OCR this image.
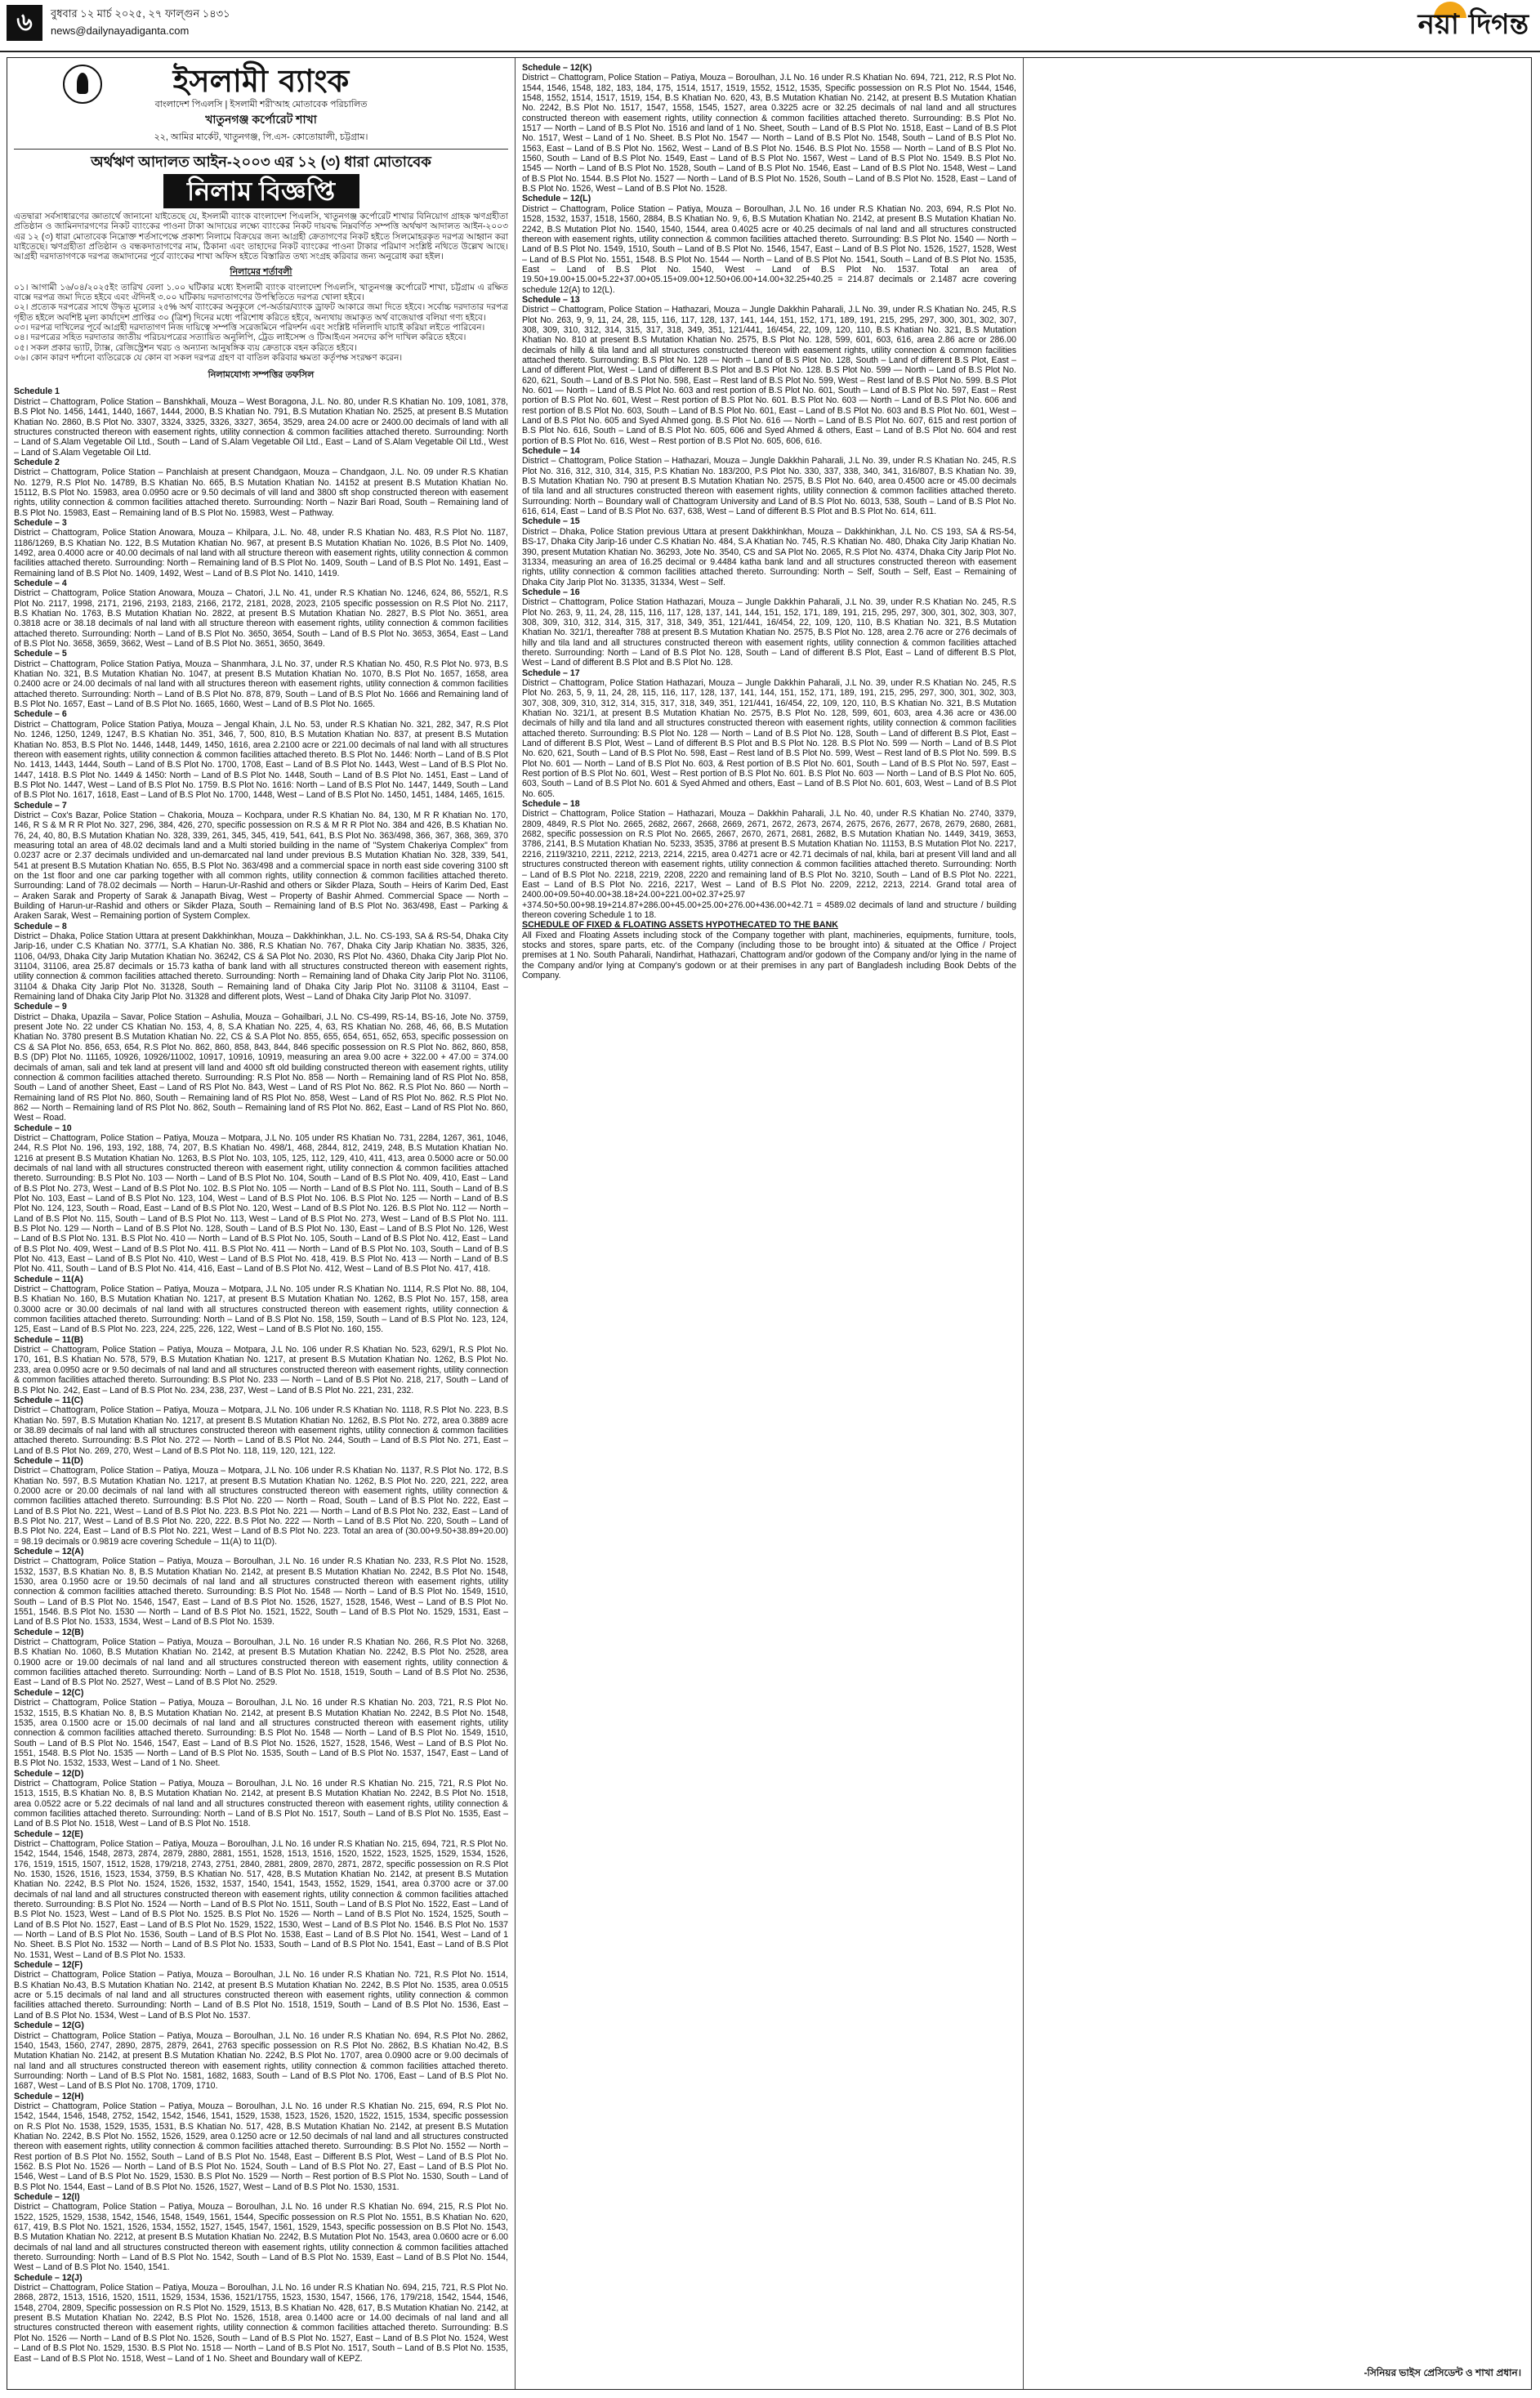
৬	বুধবার ১২ মার্চ ২০২৫, ২৭ ফাল্গুন ১৪৩১
news@dailynayadiganta.com	নয়া দিগন্ত
ইসলামী ব্যাংক
বাংলাদেশ পিএলসি | ইসলামী শরী'আহ মোতাবেক পরিচালিত
খাতুনগঞ্জ কর্পোরেট শাখা
২২, আমির মার্কেট, খাতুনগঞ্জ, পি.এস- কোতোয়ালী, চট্টগ্রাম।
অর্থঋণ আদালত আইন-২০০৩ এর ১২ (৩) ধারা মোতাবেক
নিলাম বিজ্ঞপ্তি

এতদ্বারা সর্বসাধারণের জ্ঞাতার্থে জানানো যাইতেছে যে, ইসলামী ব্যাংক বাংলাদেশ পিএলসি, খাতুনগঞ্জ কর্পোরেট শাখার বিনিয়োগ গ্রাহক ঋণগ্রহীতা প্রতিষ্ঠান ও জামিনদারগণের নিকট ব্যাংকের পাওনা টাকা আদায়ের লক্ষ্যে ব্যাংকের নিকট দায়বদ্ধ নিম্নবর্ণিত সম্পত্তি অর্থঋণ আদালত আইন-২০০৩ এর ১২ (৩) ধারা মোতাবেক নিম্নোক্ত শর্তসাপেক্ষে প্রকাশ্য নিলামে বিক্রয়ের জন্য আগ্রহী ক্রেতাগণের নিকট হইতে সিলমোহরকৃত দরপত্র আহ্বান করা যাইতেছে। ঋণগ্রহীতা প্রতিষ্ঠান ও বন্ধকদাতাগণের নাম, ঠিকানা এবং তাহাদের নিকট ব্যাংকের পাওনা টাকার পরিমাণ সংশ্লিষ্ট নথিতে উল্লেখ আছে। আগ্রহী দরদাতাগণকে দরপত্র জমাদানের পূর্বে ব্যাংকের শাখা অফিস হইতে বিস্তারিত তথ্য সংগ্রহ করিবার জন্য অনুরোধ করা হইল।

নিলামের শর্তাবলী

০১। আগামী ১৬/০৪/২০২৫ইং তারিখ বেলা ১.০০ ঘটিকার মধ্যে ইসলামী ব্যাংক বাংলাদেশ পিএলসি, খাতুনগঞ্জ কর্পোরেট শাখা, চট্টগ্রাম এ রক্ষিত বাক্সে দরপত্র জমা দিতে হইবে এবং ঐদিনই ৩.০০ ঘটিকায় দরদাতাগণের উপস্থিতিতে দরপত্র খোলা হইবে।

০২। প্রত্যেক দরপত্রের সাথে উদ্ধৃত মূল্যের ২৫% অর্থ ব্যাংকের অনুকূলে পে-অর্ডার/ব্যাংক ড্রাফট আকারে জমা দিতে হইবে। সর্বোচ্চ দরদাতার দরপত্র গৃহীত হইলে অবশিষ্ট মূল্য কার্যাদেশ প্রাপ্তির ৩০ (ত্রিশ) দিনের মধ্যে পরিশোধ করিতে হইবে, অন্যথায় জমাকৃত অর্থ বাজেয়াপ্ত বলিয়া গণ্য হইবে।

০৩। দরপত্র দাখিলের পূর্বে আগ্রহী দরদাতাগণ নিজ দায়িত্বে সম্পত্তি সরেজমিনে পরিদর্শন এবং সংশ্লিষ্ট দলিলাদি যাচাই করিয়া লইতে পারিবেন।

০৪। দরপত্রের সহিত দরদাতার জাতীয় পরিচয়পত্রের সত্যায়িত অনুলিপি, ট্রেড লাইসেন্স ও টিআইএন সনদের কপি দাখিল করিতে হইবে।

০৫। সকল প্রকার ভ্যাট, ট্যাক্স, রেজিস্ট্রেশন খরচ ও অন্যান্য আনুষঙ্গিক ব্যয় ক্রেতাকে বহন করিতে হইবে।

০৬। কোন কারণ দর্শানো ব্যতিরেকে যে কোন বা সকল দরপত্র গ্রহণ বা বাতিল করিবার ক্ষমতা কর্তৃপক্ষ সংরক্ষণ করেন।

নিলামযোগ্য সম্পত্তির তফসিল

Schedule 1

District – Chattogram, Police Station – Banshkhali, Mouza – West Boragona, J.L. No. 80, under R.S Khatian No. 109, 1081, 378, B.S Plot No. 1456, 1441, 1440, 1667, 1444, 2000, B.S Khatian No. 791, B.S Mutation Khatian No. 2525, at present B.S Mutation Khatian No. 2860, B.S Plot No. 3307, 3324, 3325, 3326, 3327, 3654, 3529, area 24.00 acre or 2400.00 decimals of land with all structures constructed thereon with easement rights, utility connection & common facilities attached thereto. Surrounding: North – Land of S.Alam Vegetable Oil Ltd., South – Land of S.Alam Vegetable Oil Ltd., East – Land of S.Alam Vegetable Oil Ltd., West – Land of S.Alam Vegetable Oil Ltd.

Schedule 2

District – Chattogram, Police Station – Panchlaish at present Chandgaon, Mouza – Chandgaon, J.L. No. 09 under R.S Khatian No. 1279, R.S Plot No. 14789, B.S Khatian No. 665, B.S Mutation Khatian No. 14152 at present B.S Mutation Khatian No. 15112, B.S Plot No. 15983, area 0.0950 acre or 9.50 decimals of vill land and 3800 sft shop constructed thereon with easement rights, utility connection & common facilities attached thereto. Surrounding: North – Nazir Bari Road, South – Remaining land of B.S Plot No. 15983, East – Remaining land of B.S Plot No. 15983, West – Pathway.

Schedule – 3

District – Chattogram, Police Station Anowara, Mouza – Khilpara, J.L. No. 48, under R.S Khatian No. 483, R.S Plot No. 1187, 1186/1269, B.S Khatian No. 122, B.S Mutation Khatian No. 967, at present B.S Mutation Khatian No. 1026, B.S Plot No. 1409, 1492, area 0.4000 acre or 40.00 decimals of nal land with all structure thereon with easement rights, utility connection & common facilities attached thereto. Surrounding: North – Remaining land of B.S Plot No. 1409, South – Land of B.S Plot No. 1491, East – Remaining land of B.S Plot No. 1409, 1492, West – Land of B.S Plot No. 1410, 1419.

Schedule – 4

District – Chattogram, Police Station Anowara, Mouza – Chatori, J.L No. 41, under R.S Khatian No. 1246, 624, 86, 552/1, R.S Plot No. 2117, 1998, 2171, 2196, 2193, 2183, 2166, 2172, 2181, 2028, 2023, 2105 specific possession on R.S Plot No. 2117, B.S Khatian No. 1763, B.S Mutation Khatian No. 2822, at present B.S Mutation Khatian No. 2827, B.S Plot No. 3651, area 0.3818 acre or 38.18 decimals of nal land with all structure thereon with easement rights, utility connection & common facilities attached thereto. Surrounding: North – Land of B.S Plot No. 3650, 3654, South – Land of B.S Plot No. 3653, 3654, East – Land of B.S Plot No. 3658, 3659, 3662, West – Land of B.S Plot No. 3651, 3650, 3649.

Schedule – 5

District – Chattogram, Police Station Patiya, Mouza – Shanmhara, J.L No. 37, under R.S Khatian No. 450, R.S Plot No. 973, B.S Khatian No. 321, B.S Mutation Khatian No. 1047, at present B.S Mutation Khatian No. 1070, B.S Plot No. 1657, 1658, area 0.2400 acre or 24.00 decimals of nal land with all structures thereon with easement rights, utility connection & common facilities attached thereto. Surrounding: North – Land of B.S Plot No. 878, 879, South – Land of B.S Plot No. 1666 and Remaining land of B.S Plot No. 1657, East – Land of B.S Plot No. 1665, 1660, West – Land of B.S Plot No. 1665.

Schedule – 6

District – Chattogram, Police Station Patiya, Mouza – Jengal Khain, J.L No. 53, under R.S Khatian No. 321, 282, 347, R.S Plot No. 1246, 1250, 1249, 1247, B.S Khatian No. 351, 346, 7, 500, 810, B.S Mutation Khatian No. 837, at present B.S Mutation Khatian No. 853, B.S Plot No. 1446, 1448, 1449, 1450, 1616, area 2.2100 acre or 221.00 decimals of nal land with all structures thereon with easement rights, utility connection & common facilities attached thereto. B.S Plot No. 1446: North – Land of B.S Plot No. 1413, 1443, 1444, South – Land of B.S Plot No. 1700, 1708, East – Land of B.S Plot No. 1443, West – Land of B.S Plot No. 1447, 1418. B.S Plot No. 1449 & 1450: North – Land of B.S Plot No. 1448, South – Land of B.S Plot No. 1451, East – Land of B.S Plot No. 1447, West – Land of B.S Plot No. 1759. B.S Plot No. 1616: North – Land of B.S Plot No. 1447, 1449, South – Land of B.S Plot No. 1617, 1618, East – Land of B.S Plot No. 1700, 1448, West – Land of B.S Plot No. 1450, 1451, 1484, 1465, 1615.

Schedule – 7

District – Cox's Bazar, Police Station – Chakoria, Mouza – Kochpara, under R.S Khatian No. 84, 130, M R R Khatian No. 170, 146, R S & M R R Plot No. 327, 296, 384, 426, 270, specific possession on R.S & M R R Plot No. 384 and 426, B.S Khatian No. 76, 24, 40, 80, B.S Mutation Khatian No. 328, 339, 261, 345, 345, 419, 541, 641, B.S Plot No. 363/498, 366, 367, 368, 369, 370 measuring total an area of 48.02 decimals land and a Multi storied building in the name of "System Chakeriya Complex" from 0.0237 acre or 2.37 decimals undivided and un-demarcated nal land under previous B.S Mutation Khatian No. 328, 339, 541, 541 at present B.S Mutation Khatian No. 655, B.S Plot No. 363/498 and a commercial space in north east side covering 3100 sft on the 1st floor and one car parking together with all common rights, utility connection & common facilities attached thereto. Surrounding: Land of 78.02 decimals — North – Harun-Ur-Rashid and others or Sikder Plaza, South – Heirs of Karim Ded, East – Araken Sarak and Property of Sarak & Janapath Bivag, West – Property of Bashir Ahmed. Commercial Space — North – Building of Harun-ur-Rashid and others or Sikder Plaza, South – Remaining land of B.S Plot No. 363/498, East – Parking & Araken Sarak, West – Remaining portion of System Complex.

Schedule – 8

District – Dhaka, Police Station Uttara at present Dakkhinkhan, Mouza – Dakkhinkhan, J.L. No. CS-193, SA & RS-54, Dhaka City Jarip-16, under C.S Khatian No. 377/1, S.A Khatian No. 386, R.S Khatian No. 767, Dhaka City Jarip Khatian No. 3835, 326, 1106, 04/93, Dhaka City Jarip Mutation Khatian No. 36242, CS & SA Plot No. 2030, RS Plot No. 4360, Dhaka City Jarip Plot No. 31104, 31106, area 25.87 decimals or 15.73 katha of bank land with all structures constructed thereon with easement rights, utility connection & common facilities attached thereto. Surrounding: North – Remaining land of Dhaka City Jarip Plot No. 31106, 31104 & Dhaka City Jarip Plot No. 31328, South – Remaining land of Dhaka City Jarip Plot No. 31108 & 31104, East – Remaining land of Dhaka City Jarip Plot No. 31328 and different plots, West – Land of Dhaka City Jarip Plot No. 31097.

Schedule – 9

District – Dhaka, Upazila – Savar, Police Station – Ashulia, Mouza – Gohailbari, J.L No. CS-499, RS-14, BS-16, Jote No. 3759, present Jote No. 22 under CS Khatian No. 153, 4, 8, S.A Khatian No. 225, 4, 63, RS Khatian No. 268, 46, 66, B.S Mutation Khatian No. 3780 present B.S Mutation Khatian No. 22, CS & S.A Plot No. 855, 655, 654, 651, 652, 653, specific possession on CS & SA Plot No. 856, 653, 654, R.S Plot No. 862, 860, 858, 843, 844, 846 specific possession on R.S Plot No. 862, 860, 858, B.S (DP) Plot No. 11165, 10926, 10926/11002, 10917, 10916, 10919, measuring an area 9.00 acre + 322.00 + 47.00 = 374.00 decimals of aman, sali and tek land at present vill land and 4000 sft old building constructed thereon with easement rights, utility connection & common facilities attached thereto. Surrounding: R.S Plot No. 858 — North – Remaining land of RS Plot No. 858, South – Land of another Sheet, East – Land of RS Plot No. 843, West – Land of RS Plot No. 862. R.S Plot No. 860 — North – Remaining land of RS Plot No. 860, South – Remaining land of RS Plot No. 858, West – Land of RS Plot No. 862. R.S Plot No. 862 — North – Remaining land of RS Plot No. 862, South – Remaining land of RS Plot No. 862, East – Land of RS Plot No. 860, West – Road.

Schedule – 10

District – Chattogram, Police Station – Patiya, Mouza – Motpara, J.L No. 105 under RS Khatian No. 731, 2284, 1267, 361, 1046, 244, R.S Plot No. 196, 193, 192, 188, 74, 207, B.S Khatian No. 498/1, 468, 2844, 812, 2419, 248, B.S Mutation Khatian No. 1216 at present B.S Mutation Khatian No. 1263, B.S Plot No. 103, 105, 125, 112, 129, 410, 411, 413, area 0.5000 acre or 50.00 decimals of nal land with all structures constructed thereon with easement right, utility connection & common facilities attached thereto. Surrounding: B.S Plot No. 103 — North – Land of B.S Plot No. 104, South – Land of B.S Plot No. 409, 410, East – Land of B.S Plot No. 273, West – Land of B.S Plot No. 102. B.S Plot No. 105 — North – Land of B.S Plot No. 111, South – Land of B.S Plot No. 103, East – Land of B.S Plot No. 123, 104, West – Land of B.S Plot No. 106. B.S Plot No. 125 — North – Land of B.S Plot No. 124, 123, South – Road, East – Land of B.S Plot No. 120, West – Land of B.S Plot No. 126. B.S Plot No. 112 — North – Land of B.S Plot No. 115, South – Land of B.S Plot No. 113, West – Land of B.S Plot No. 273, West – Land of B.S Plot No. 111. B.S Plot No. 129 — North – Land of B.S Plot No. 128, South – Land of B.S Plot No. 130, East – Land of B.S Plot No. 126, West – Land of B.S Plot No. 131. B.S Plot No. 410 — North – Land of B.S Plot No. 105, South – Land of B.S Plot No. 412, East – Land of B.S Plot No. 409, West – Land of B.S Plot No. 411. B.S Plot No. 411 — North – Land of B.S Plot No. 103, South – Land of B.S Plot No. 413, East – Land of B.S Plot No. 410, West – Land of B.S Plot No. 418, 419. B.S Plot No. 413 — North – Land of B.S Plot No. 411, South – Land of B.S Plot No. 414, 416, East – Land of B.S Plot No. 412, West – Land of B.S Plot No. 417, 418.

Schedule – 11(A)

District – Chattogram, Police Station – Patiya, Mouza – Motpara, J.L No. 105 under R.S Khatian No. 1114, R.S Plot No. 88, 104, B.S Khatian No. 160, B.S Mutation Khatian No. 1217, at present B.S Mutation Khatian No. 1262, B.S Plot No. 157, 158, area 0.3000 acre or 30.00 decimals of nal land with all structures constructed thereon with easement rights, utility connection & common facilities attached thereto. Surrounding: North – Land of B.S Plot No. 158, 159, South – Land of B.S Plot No. 123, 124, 125, East – Land of B.S Plot No. 223, 224, 225, 226, 122, West – Land of B.S Plot No. 160, 155.

Schedule – 11(B)

District – Chattogram, Police Station – Patiya, Mouza – Motpara, J.L No. 106 under R.S Khatian No. 523, 629/1, R.S Plot No. 170, 161, B.S Khatian No. 578, 579, B.S Mutation Khatian No. 1217, at present B.S Mutation Khatian No. 1262, B.S Plot No. 233, area 0.0950 acre or 9.50 decimals of nal land and all structures constructed thereon with easement rights, utility connection & common facilities attached thereto. Surrounding: B.S Plot No. 233 — North – Land of B.S Plot No. 218, 217, South – Land of B.S Plot No. 242, East – Land of B.S Plot No. 234, 238, 237, West – Land of B.S Plot No. 221, 231, 232.

Schedule – 11(C)

District – Chattogram, Police Station – Patiya, Mouza – Motpara, J.L No. 106 under R.S Khatian No. 1118, R.S Plot No. 223, B.S Khatian No. 597, B.S Mutation Khatian No. 1217, at present B.S Mutation Khatian No. 1262, B.S Plot No. 272, area 0.3889 acre or 38.89 decimals of nal land with all structures constructed thereon with easement rights, utility connection & common facilities attached thereto. Surrounding: B.S Plot No. 272 — North – Land of B.S Plot No. 244, South – Land of B.S Plot No. 271, East – Land of B.S Plot No. 269, 270, West – Land of B.S Plot No. 118, 119, 120, 121, 122.

Schedule – 11(D)

District – Chattogram, Police Station – Patiya, Mouza – Motpara, J.L No. 106 under R.S Khatian No. 1137, R.S Plot No. 172, B.S Khatian No. 597, B.S Mutation Khatian No. 1217, at present B.S Mutation Khatian No. 1262, B.S Plot No. 220, 221, 222, area 0.2000 acre or 20.00 decimals of nal land with all structures constructed thereon with easement rights, utility connection & common facilities attached thereto. Surrounding: B.S Plot No. 220 — North – Road, South – Land of B.S Plot No. 222, East – Land of B.S Plot No. 221, West – Land of B.S Plot No. 223. B.S Plot No. 221 — North – Land of B.S Plot No. 232, East – Land of B.S Plot No. 217, West – Land of B.S Plot No. 220, 222. B.S Plot No. 222 — North – Land of B.S Plot No. 220, South – Land of B.S Plot No. 224, East – Land of B.S Plot No. 221, West – Land of B.S Plot No. 223. Total an area of (30.00+9.50+38.89+20.00) = 98.19 decimals or 0.9819 acre covering Schedule – 11(A) to 11(D).

Schedule – 12(A)

District – Chattogram, Police Station – Patiya, Mouza – Boroulhan, J.L No. 16 under R.S Khatian No. 233, R.S Plot No. 1528, 1532, 1537, B.S Khatian No. 8, B.S Mutation Khatian No. 2142, at present B.S Mutation Khatian No. 2242, B.S Plot No. 1548, 1530, area 0.1950 acre or 19.50 decimals of nal land and all structures constructed thereon with easement rights, utility connection & common facilities attached thereto. Surrounding: B.S Plot No. 1548 — North – Land of B.S Plot No. 1549, 1510, South – Land of B.S Plot No. 1546, 1547, East – Land of B.S Plot No. 1526, 1527, 1528, 1546, West – Land of B.S Plot No. 1551, 1546. B.S Plot No. 1530 — North – Land of B.S Plot No. 1521, 1522, South – Land of B.S Plot No. 1529, 1531, East – Land of B.S Plot No. 1533, 1534, West – Land of B.S Plot No. 1539.

Schedule – 12(B)

District – Chattogram, Police Station – Patiya, Mouza – Boroulhan, J.L No. 16 under R.S Khatian No. 266, R.S Plot No. 3268, B.S Khatian No. 1060, B.S Mutation Khatian No. 2142, at present B.S Mutation Khatian No. 2242, B.S Plot No. 2528, area 0.1900 acre or 19.00 decimals of nal land and all structures constructed thereon with easement rights, utility connection & common facilities attached thereto. Surrounding: North – Land of B.S Plot No. 1518, 1519, South – Land of B.S Plot No. 2536, East – Land of B.S Plot No. 2527, West – Land of B.S Plot No. 2529.

Schedule – 12(C)

District – Chattogram, Police Station – Patiya, Mouza – Boroulhan, J.L No. 16 under R.S Khatian No. 203, 721, R.S Plot No. 1532, 1515, B.S Khatian No. 8, B.S Mutation Khatian No. 2142, at present B.S Mutation Khatian No. 2242, B.S Plot No. 1548, 1535, area 0.1500 acre or 15.00 decimals of nal land and all structures constructed thereon with easement rights, utility connection & common facilities attached thereto. Surrounding: B.S Plot No. 1548 — North – Land of B.S Plot No. 1549, 1510, South – Land of B.S Plot No. 1546, 1547, East – Land of B.S Plot No. 1526, 1527, 1528, 1546, West – Land of B.S Plot No. 1551, 1548. B.S Plot No. 1535 — North – Land of B.S Plot No. 1535, South – Land of B.S Plot No. 1537, 1547, East – Land of B.S Plot No. 1532, 1533, West – Land of 1 No. Sheet.

Schedule – 12(D)

District – Chattogram, Police Station – Patiya, Mouza – Boroulhan, J.L No. 16 under R.S Khatian No. 215, 721, R.S Plot No. 1513, 1515, B.S Khatian No. 8, B.S Mutation Khatian No. 2142, at present B.S Mutation Khatian No. 2242, B.S Plot No. 1518, area 0.0522 acre or 5.22 decimals of nal land and all structures constructed thereon with easement rights, utility connection & common facilities attached thereto. Surrounding: North – Land of B.S Plot No. 1517, South – Land of B.S Plot No. 1535, East – Land of B.S Plot No. 1518, West – Land of B.S Plot No. 1518.

Schedule – 12(E)

District – Chattogram, Police Station – Patiya, Mouza – Boroulhan, J.L No. 16 under R.S Khatian No. 215, 694, 721, R.S Plot No. 1542, 1544, 1546, 1548, 2873, 2874, 2879, 2880, 2881, 1551, 1528, 1513, 1516, 1520, 1522, 1523, 1525, 1529, 1534, 1526, 176, 1519, 1515, 1507, 1512, 1528, 179/218, 2743, 2751, 2840, 2881, 2809, 2870, 2871, 2872, specific possession on R.S Plot No. 1530, 1526, 1516, 1523, 1534, 3759, B.S Khatian No. 517, 428, B.S Mutation Khatian No. 2142, at present B.S Mutation Khatian No. 2242, B.S Plot No. 1524, 1526, 1532, 1537, 1540, 1541, 1543, 1552, 1529, 1541, area 0.3700 acre or 37.00 decimals of nal land and all structures constructed thereon with easement rights, utility connection & common facilities attached thereto. Surrounding: B.S Plot No. 1524 — North – Land of B.S Plot No. 1511, South – Land of B.S Plot No. 1522, East – Land of B.S Plot No. 1523, West – Land of B.S Plot No. 1525. B.S Plot No. 1526 — North – Land of B.S Plot No. 1524, 1525, South – Land of B.S Plot No. 1527, East – Land of B.S Plot No. 1529, 1522, 1530, West – Land of B.S Plot No. 1546. B.S Plot No. 1537 — North – Land of B.S Plot No. 1536, South – Land of B.S Plot No. 1538, East – Land of B.S Plot No. 1541, West – Land of 1 No. Sheet. B.S Plot No. 1532 — North – Land of B.S Plot No. 1533, South – Land of B.S Plot No. 1541, East – Land of B.S Plot No. 1531, West – Land of B.S Plot No. 1533.

Schedule – 12(F)

District – Chattogram, Police Station – Patiya, Mouza – Boroulhan, J.L No. 16 under R.S Khatian No. 721, R.S Plot No. 1514, B.S Khatian No.43, B.S Mutation Khatian No. 2142, at present B.S Mutation Khatian No. 2242, B.S Plot No. 1535, area 0.0515 acre or 5.15 decimals of nal land and all structures constructed thereon with easement rights, utility connection & common facilities attached thereto. Surrounding: North – Land of B.S Plot No. 1518, 1519, South – Land of B.S Plot No. 1536, East – Land of B.S Plot No. 1534, West – Land of B.S Plot No. 1537.

Schedule – 12(G)

District – Chattogram, Police Station – Patiya, Mouza – Boroulhan, J.L No. 16 under R.S Khatian No. 694, R.S Plot No. 2862, 1540, 1543, 1560, 2747, 2890, 2875, 2879, 2641, 2763 specific possession on R.S Plot No. 2862, B.S Khatian No.42, B.S Mutation Khatian No. 2142, at present B.S Mutation Khatian No. 2242, B.S Plot No. 1707, area 0.0900 acre or 9.00 decimals of nal land and all structures constructed thereon with easement rights, utility connection & common facilities attached thereto. Surrounding: North – Land of B.S Plot No. 1581, 1682, 1683, South – Land of B.S Plot No. 1706, East – Land of B.S Plot No. 1687, West – Land of B.S Plot No. 1708, 1709, 1710.

Schedule – 12(H)

District – Chattogram, Police Station – Patiya, Mouza – Boroulhan, J.L No. 16 under R.S Khatian No. 215, 694, R.S Plot No. 1542, 1544, 1546, 1548, 2752, 1542, 1542, 1546, 1541, 1529, 1538, 1523, 1526, 1520, 1522, 1515, 1534, specific possession on R.S Plot No. 1538, 1529, 1535, 1531, B.S Khatian No. 517, 428, B.S Mutation Khatian No. 2142, at present B.S Mutation Khatian No. 2242, B.S Plot No. 1552, 1526, 1529, area 0.1250 acre or 12.50 decimals of nal land and all structures constructed thereon with easement rights, utility connection & common facilities attached thereto. Surrounding: B.S Plot No. 1552 — North – Rest portion of B.S Plot No. 1552, South – Land of B.S Plot No. 1548, East – Different B.S Plot, West – Land of B.S Plot No. 1562. B.S Plot No. 1526 — North – Land of B.S Plot No. 1524, South – Land of B.S Plot No. 27, East – Land of B.S Plot No. 1546, West – Land of B.S Plot No. 1529, 1530. B.S Plot No. 1529 — North – Rest portion of B.S Plot No. 1530, South – Land of B.S Plot No. 1544, East – Land of B.S Plot No. 1526, 1527, West – Land of B.S Plot No. 1530, 1531.

Schedule – 12(I)

District – Chattogram, Police Station – Patiya, Mouza – Boroulhan, J.L No. 16 under R.S Khatian No. 694, 215, R.S Plot No. 1522, 1525, 1529, 1538, 1542, 1546, 1548, 1549, 1561, 1544, Specific possession on R.S Plot No. 1551, B.S Khatian No. 620, 617, 419, B.S Plot No. 1521, 1526, 1534, 1552, 1527, 1545, 1547, 1561, 1529, 1543, specific possession on B.S Plot No. 1543, B.S Mutation Khatian No. 2212, at present B.S Mutation Khatian No. 2242, B.S Mutation Plot No. 1543, area 0.0600 acre or 6.00 decimals of nal land and all structures constructed thereon with easement rights, utility connection & common facilities attached thereto. Surrounding: North – Land of B.S Plot No. 1542, South – Land of B.S Plot No. 1539, East – Land of B.S Plot No. 1544, West – Land of B.S Plot No. 1540, 1541.

Schedule – 12(J)

District – Chattogram, Police Station – Patiya, Mouza – Boroulhan, J.L No. 16 under R.S Khatian No. 694, 215, 721, R.S Plot No. 2868, 2872, 1513, 1516, 1520, 1511, 1529, 1534, 1536, 1521/1755, 1523, 1530, 1547, 1566, 176, 179/218, 1542, 1544, 1546, 1548, 2704, 2809, Specific possession on R.S Plot No. 1529, 1513, B.S Khatian No. 428, 617, B.S Mutation Khatian No. 2142, at present B.S Mutation Khatian No. 2242, B.S Plot No. 1526, 1518, area 0.1400 acre or 14.00 decimals of nal land and all structures constructed thereon with easement rights, utility connection & common facilities attached thereto. Surrounding: B.S Plot No. 1526 — North – Land of B.S Plot No. 1526, South – Land of B.S Plot No. 1527, East – Land of B.S Plot No. 1524, West – Land of B.S Plot No. 1529, 1530. B.S Plot No. 1518 — North – Land of B.S Plot No. 1517, South – Land of B.S Plot No. 1535, East – Land of B.S Plot No. 1518, West – Land of 1 No. Sheet and Boundary wall of KEPZ.

Schedule – 12(K)

District – Chattogram, Police Station – Patiya, Mouza – Boroulhan, J.L No. 16 under R.S Khatian No. 694, 721, 212, R.S Plot No. 1544, 1546, 1548, 182, 183, 184, 175, 1514, 1517, 1519, 1552, 1512, 1535, Specific possession on R.S Plot No. 1544, 1546, 1548, 1552, 1514, 1517, 1519, 154, B.S Khatian No. 620, 43, B.S Mutation Khatian No. 2142, at present B.S Mutation Khatian No. 2242, B.S Plot No. 1517, 1547, 1558, 1545, 1527, area 0.3225 acre or 32.25 decimals of nal land and all structures constructed thereon with easement rights, utility connection & common facilities attached thereto. Surrounding: B.S Plot No. 1517 — North – Land of B.S Plot No. 1516 and land of 1 No. Sheet, South – Land of B.S Plot No. 1518, East – Land of B.S Plot No. 1517, West – Land of 1 No. Sheet. B.S Plot No. 1547 — North – Land of B.S Plot No. 1548, South – Land of B.S Plot No. 1563, East – Land of B.S Plot No. 1562, West – Land of B.S Plot No. 1546. B.S Plot No. 1558 — North – Land of B.S Plot No. 1560, South – Land of B.S Plot No. 1549, East – Land of B.S Plot No. 1567, West – Land of B.S Plot No. 1549. B.S Plot No. 1545 — North – Land of B.S Plot No. 1528, South – Land of B.S Plot No. 1546, East – Land of B.S Plot No. 1548, West – Land of B.S Plot No. 1544. B.S Plot No. 1527 — North – Land of B.S Plot No. 1526, South – Land of B.S Plot No. 1528, East – Land of B.S Plot No. 1526, West – Land of B.S Plot No. 1528.

Schedule – 12(L)

District – Chattogram, Police Station – Patiya, Mouza – Boroulhan, J.L No. 16 under R.S Khatian No. 203, 694, R.S Plot No. 1528, 1532, 1537, 1518, 1560, 2884, B.S Khatian No. 9, 6, B.S Mutation Khatian No. 2142, at present B.S Mutation Khatian No. 2242, B.S Mutation Plot No. 1540, 1540, 1544, area 0.4025 acre or 40.25 decimals of nal land and all structures constructed thereon with easement rights, utility connection & common facilities attached thereto. Surrounding: B.S Plot No. 1540 — North – Land of B.S Plot No. 1549, 1510, South – Land of B.S Plot No. 1546, 1547, East – Land of B.S Plot No. 1526, 1527, 1528, West – Land of B.S Plot No. 1551, 1548. B.S Plot No. 1544 — North – Land of B.S Plot No. 1541, South – Land of B.S Plot No. 1535, East – Land of B.S Plot No. 1540, West – Land of B.S Plot No. 1537. Total an area of 19.50+19.00+15.00+5.22+37.00+05.15+09.00+12.50+06.00+14.00+32.25+40.25 = 214.87 decimals or 2.1487 acre covering schedule 12(A) to 12(L).

Schedule – 13

District – Chattogram, Police Station – Hathazari, Mouza – Jungle Dakkhin Paharali, J.L No. 39, under R.S Khatian No. 245, R.S Plot No. 263, 9, 9, 11, 24, 28, 115, 116, 117, 128, 137, 141, 144, 151, 152, 171, 189, 191, 215, 295, 297, 300, 301, 302, 307, 308, 309, 310, 312, 314, 315, 317, 318, 349, 351, 121/441, 16/454, 22, 109, 120, 110, B.S Khatian No. 321, B.S Mutation Khatian No. 810 at present B.S Mutation Khatian No. 2575, B.S Plot No. 128, 599, 601, 603, 616, area 2.86 acre or 286.00 decimals of hilly & tila land and all structures constructed thereon with easement rights, utility connection & common facilities attached thereto. Surrounding: B.S Plot No. 128 — North – Land of B.S Plot No. 128, South – Land of different B.S Plot, East – Land of different Plot, West – Land of different B.S Plot and B.S Plot No. 128. B.S Plot No. 599 — North – Land of B.S Plot No. 620, 621, South – Land of B.S Plot No. 598, East – Rest land of B.S Plot No. 599, West – Rest land of B.S Plot No. 599. B.S Plot No. 601 — North – Land of B.S Plot No. 603 and rest portion of B.S Plot No. 601, South – Land of B.S Plot No. 597, East – Rest portion of B.S Plot No. 601, West – Rest portion of B.S Plot No. 601. B.S Plot No. 603 — North – Land of B.S Plot No. 606 and rest portion of B.S Plot No. 603, South – Land of B.S Plot No. 601, East – Land of B.S Plot No. 603 and B.S Plot No. 601, West – Land of B.S Plot No. 605 and Syed Ahmed gong. B.S Plot No. 616 — North – Land of B.S Plot No. 607, 615 and rest portion of B.S Plot No. 616, South – Land of B.S Plot No. 605, 606 and Syed Ahmed & others, East – Land of B.S Plot No. 604 and rest portion of B.S Plot No. 616, West – Rest portion of B.S Plot No. 605, 606, 616.

Schedule – 14

District – Chattogram, Police Station – Hathazari, Mouza – Jungle Dakkhin Paharali, J.L No. 39, under R.S Khatian No. 245, R.S Plot No. 316, 312, 310, 314, 315, P.S Khatian No. 183/200, P.S Plot No. 330, 337, 338, 340, 341, 316/807, B.S Khatian No. 39, B.S Mutation Khatian No. 790 at present B.S Mutation Khatian No. 2575, B.S Plot No. 640, area 0.4500 acre or 45.00 decimals of tila land and all structures constructed thereon with easement rights, utility connection & common facilities attached thereto. Surrounding: North – Boundary wall of Chattogram University and Land of B.S Plot No. 6013, 538, South – Land of B.S Plot No. 616, 614, East – Land of B.S Plot No. 637, 638, West – Land of different B.S Plot and B.S Plot No. 614, 611.

Schedule – 15

District – Dhaka, Police Station previous Uttara at present Dakkhinkhan, Mouza – Dakkhinkhan, J.L No. CS 193, SA & RS-54, BS-17, Dhaka City Jarip-16 under C.S Khatian No. 484, S.A Khatian No. 745, R.S Khatian No. 480, Dhaka City Jarip Khatian No. 390, present Mutation Khatian No. 36293, Jote No. 3540, CS and SA Plot No. 2065, R.S Plot No. 4374, Dhaka City Jarip Plot No. 31334, measuring an area of 16.25 decimal or 9.4484 katha bank land and all structures constructed thereon with easement rights, utility connection & common facilities attached thereto. Surrounding: North – Self, South – Self, East – Remaining of Dhaka City Jarip Plot No. 31335, 31334, West – Self.

Schedule – 16

District – Chattogram, Police Station Hathazari, Mouza – Jungle Dakkhin Paharali, J.L No. 39, under R.S Khatian No. 245, R.S Plot No. 263, 9, 11, 24, 28, 115, 116, 117, 128, 137, 141, 144, 151, 152, 171, 189, 191, 215, 295, 297, 300, 301, 302, 303, 307, 308, 309, 310, 312, 314, 315, 317, 318, 349, 351, 121/441, 16/454, 22, 109, 120, 110, B.S Khatian No. 321, B.S Mutation Khatian No. 321/1, thereafter 788 at present B.S Mutation Khatian No. 2575, B.S Plot No. 128, area 2.76 acre or 276 decimals of hilly and tila land and all structures constructed thereon with easement rights, utility connection & common facilities attached thereto. Surrounding: North – Land of B.S Plot No. 128, South – Land of different B.S Plot, East – Land of different B.S Plot, West – Land of different B.S Plot and B.S Plot No. 128.

Schedule – 17

District – Chattogram, Police Station Hathazari, Mouza – Jungle Dakkhin Paharali, J.L No. 39, under R.S Khatian No. 245, R.S Plot No. 263, 5, 9, 11, 24, 28, 115, 116, 117, 128, 137, 141, 144, 151, 152, 171, 189, 191, 215, 295, 297, 300, 301, 302, 303, 307, 308, 309, 310, 312, 314, 315, 317, 318, 349, 351, 121/441, 16/454, 22, 109, 120, 110, B.S Khatian No. 321, B.S Mutation Khatian No. 321/1, at present B.S Mutation Khatian No. 2575, B.S Plot No. 128, 599, 601, 603, area 4.36 acre or 436.00 decimals of hilly and tila land and all structures constructed thereon with easement rights, utility connection & common facilities attached thereto. Surrounding: B.S Plot No. 128 — North – Land of B.S Plot No. 128, South – Land of different B.S Plot, East – Land of different B.S Plot, West – Land of different B.S Plot and B.S Plot No. 128. B.S Plot No. 599 — North – Land of B.S Plot No. 620, 621, South – Land of B.S Plot No. 598, East – Rest land of B.S Plot No. 599, West – Rest land of B.S Plot No. 599. B.S Plot No. 601 — North – Land of B.S Plot No. 603, & Rest portion of B.S Plot No. 601, South – Land of B.S Plot No. 597, East – Rest portion of B.S Plot No. 601, West – Rest portion of B.S Plot No. 601. B.S Plot No. 603 — North – Land of B.S Plot No. 605, 603, South – Land of B.S Plot No. 601 & Syed Ahmed and others, East – Land of B.S Plot No. 601, 603, West – Land of B.S Plot No. 605.

Schedule – 18

District – Chattogram, Police Station – Hathazari, Mouza – Dakkhin Paharali, J.L No. 40, under R.S Khatian No. 2740, 3379, 2809, 4849, R.S Plot No. 2665, 2682, 2667, 2668, 2669, 2671, 2672, 2673, 2674, 2675, 2676, 2677, 2678, 2679, 2680, 2681, 2682, specific possession on R.S Plot No. 2665, 2667, 2670, 2671, 2681, 2682, B.S Mutation Khatian No. 1449, 3419, 3653, 3786, 2141, B.S Mutation Khatian No. 5233, 3535, 3786 at present B.S Mutation Khatian No. 11153, B.S Mutation Plot No. 2217, 2216, 2119/3210, 2211, 2212, 2213, 2214, 2215, area 0.4271 acre or 42.71 decimals of nal, khila, bari at present Vill land and all structures constructed thereon with easement rights, utility connection & common facilities attached thereto. Surrounding: North – Land of B.S Plot No. 2218, 2219, 2208, 2220 and remaining land of B.S Plot No. 3210, South – Land of B.S Plot No. 2221, East – Land of B.S Plot No. 2216, 2217, West – Land of B.S Plot No. 2209, 2212, 2213, 2214. Grand total area of 2400.00+09.50+40.00+38.18+24.00+221.00+02.37+25.97 +374.50+50.00+98.19+214.87+286.00+45.00+25.00+276.00+436.00+42.71 = 4589.02 decimals of land and structure / building thereon covering Schedule 1 to 18.

SCHEDULE OF FIXED & FLOATING ASSETS HYPOTHECATED TO THE BANK

All Fixed and Floating Assets including stock of the Company together with plant, machineries, equipments, furniture, tools, stocks and stores, spare parts, etc. of the Company (including those to be brought into) & situated at the Office / Project premises at 1 No. South Paharali, Nandirhat, Hathazari, Chattogram and/or godown of the Company and/or lying in the name of the Company and/or lying at Company's godown or at their premises in any part of Bangladesh including Book Debts of the Company.

-সিনিয়র ভাইস প্রেসিডেন্ট ও শাখা প্রধান।
